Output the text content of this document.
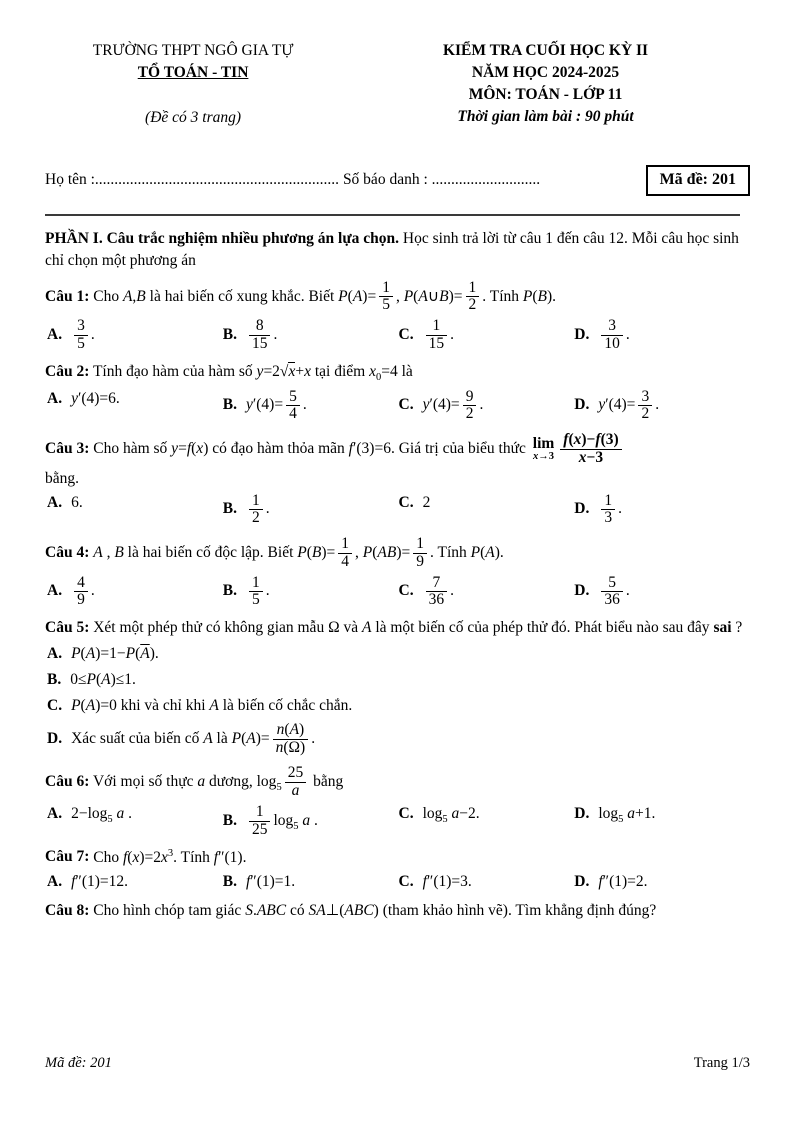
TRƯỜNG THPT NGÔ GIA TỰ
TỔ TOÁN - TIN
(Đề có 3 trang)
KIỂM TRA CUỐI HỌC KỲ II
NĂM HỌC 2024-2025
MÔN: TOÁN - LỚP 11
Thời gian làm bài : 90 phút
Họ tên :............................................................... Số báo danh : ............................	Mã đề: 201

PHẦN I. Câu trắc nghiệm nhiều phương án lựa chọn. Học sinh trả lời từ câu 1 đến câu 12. Mỗi câu học sinh chỉ chọn một phương án

Câu 1: Cho A,B là hai biến cố xung khắc. Biết $P(A)= \frac{1}{5}$ , P(A∪B)= $\frac{1}{2}$ . Tính P(B).

A. $\frac{3}{5}$ .	B. $\frac{8}{15}$ .	C. $\frac{1}{15}$ .	D. $\frac{3}{10}$ .

Câu 2: Tính đạo hàm của hàm số y=2√x+x tại điểm $x_0=4$ là

A. y′(4)=6.	B. $y'(4)= \frac{5}{4}$ .	C. $y'(4)= \frac{9}{2}$ .	D. $y'(4)= \frac{3}{2}$ .

Câu 3: Cho hàm số y=f(x) có đạo hàm thỏa mãn f′(3)=6. Giá trị của biểu thức lim
$x\to 3 \frac{f(x)-f(3)}{x-3}$

bằng.

A. 6.	B. $\frac{1}{2}$ .	C. 2	D. $\frac{1}{3}$ .

Câu 4: A , B là hai biến cố độc lập. Biết $P(B)= \frac{1}{4}$ , $P(AB)= \frac{1}{9}$ . Tính P(A).

A. $\frac{4}{9}$ .	B. $\frac{1}{5}$ .	C. $\frac{7}{36}$ .	D. $\frac{5}{36}$ .

Câu 5: Xét một phép thử có không gian mẫu Ω và A là một biến cố của phép thử đó. Phát biểu nào sau đây sai ?

A. $P(A)=1-P(\overline{A})$.
B. 0≤P(A)≤1.
C. P(A)=0 khi và chỉ khi A là biến cố chắc chắn.
D. Xác suất của biến cố A là $P(A)= \frac{n(A)}{n(\Omega)}$ .

Câu 6: Với mọi số thực a dương, $\log_5 \frac{25}{a}$ bằng

A. $2-\log_5$ a .	B. $\frac{1}{25} \log_5 a$ .	C. $\log_5 a-2$.	D. $\log_5 a+1$.

Câu 7: Cho $f(x)=2x^3$. Tính f″(1).

A. f″(1)=12.	B. f″(1)=1.	C. f″(1)=3.	D. f″(1)=2.

Câu 8: Cho hình chóp tam giác S.ABC có SA⊥(ABC) (tham khảo hình vẽ). Tìm khẳng định đúng?

Mã đề: 201	Trang 1/3
